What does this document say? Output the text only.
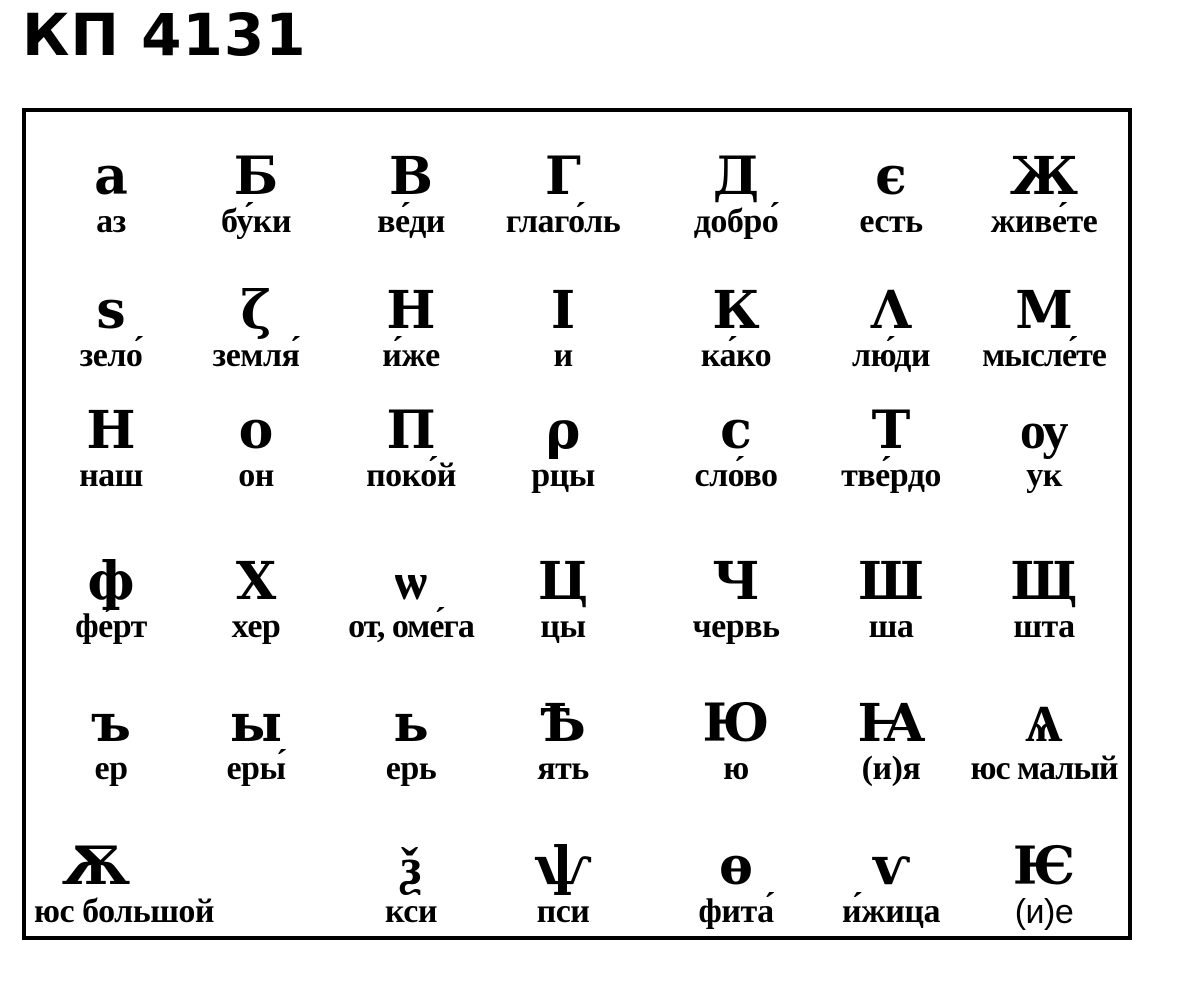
КП 4131
а
аз
Б
бу́ки
В
ве́ди
Г
глаго́ль
Д
добро́
є
есть
Ж
живе́те
ѕ
зело́
ζ
земля́
Н
и́же
І
и
К
ка́ко
Λ
лю́ди
М
мысле́те
Н
наш
о
он
П
поко́й
ρ
рцы
с
сло́во
Т
тве́рдо
ѹ
ук
ф
фе́рт
Х
хер
ѡ
от, оме́га
Ц
цы
Ч
червь
Ш
ша
Щ
шта
ъ
ер
ы
еры́
ь
ерь
Ѣ
ять
Ю
ю
Ꙗ
(и)я
Ѧ
юс малый
Ѫ
юс большой
ѯ
кси
ѱ
пси
ѳ
фита́
ѵ
и́жица
Ѥ
(и)е
